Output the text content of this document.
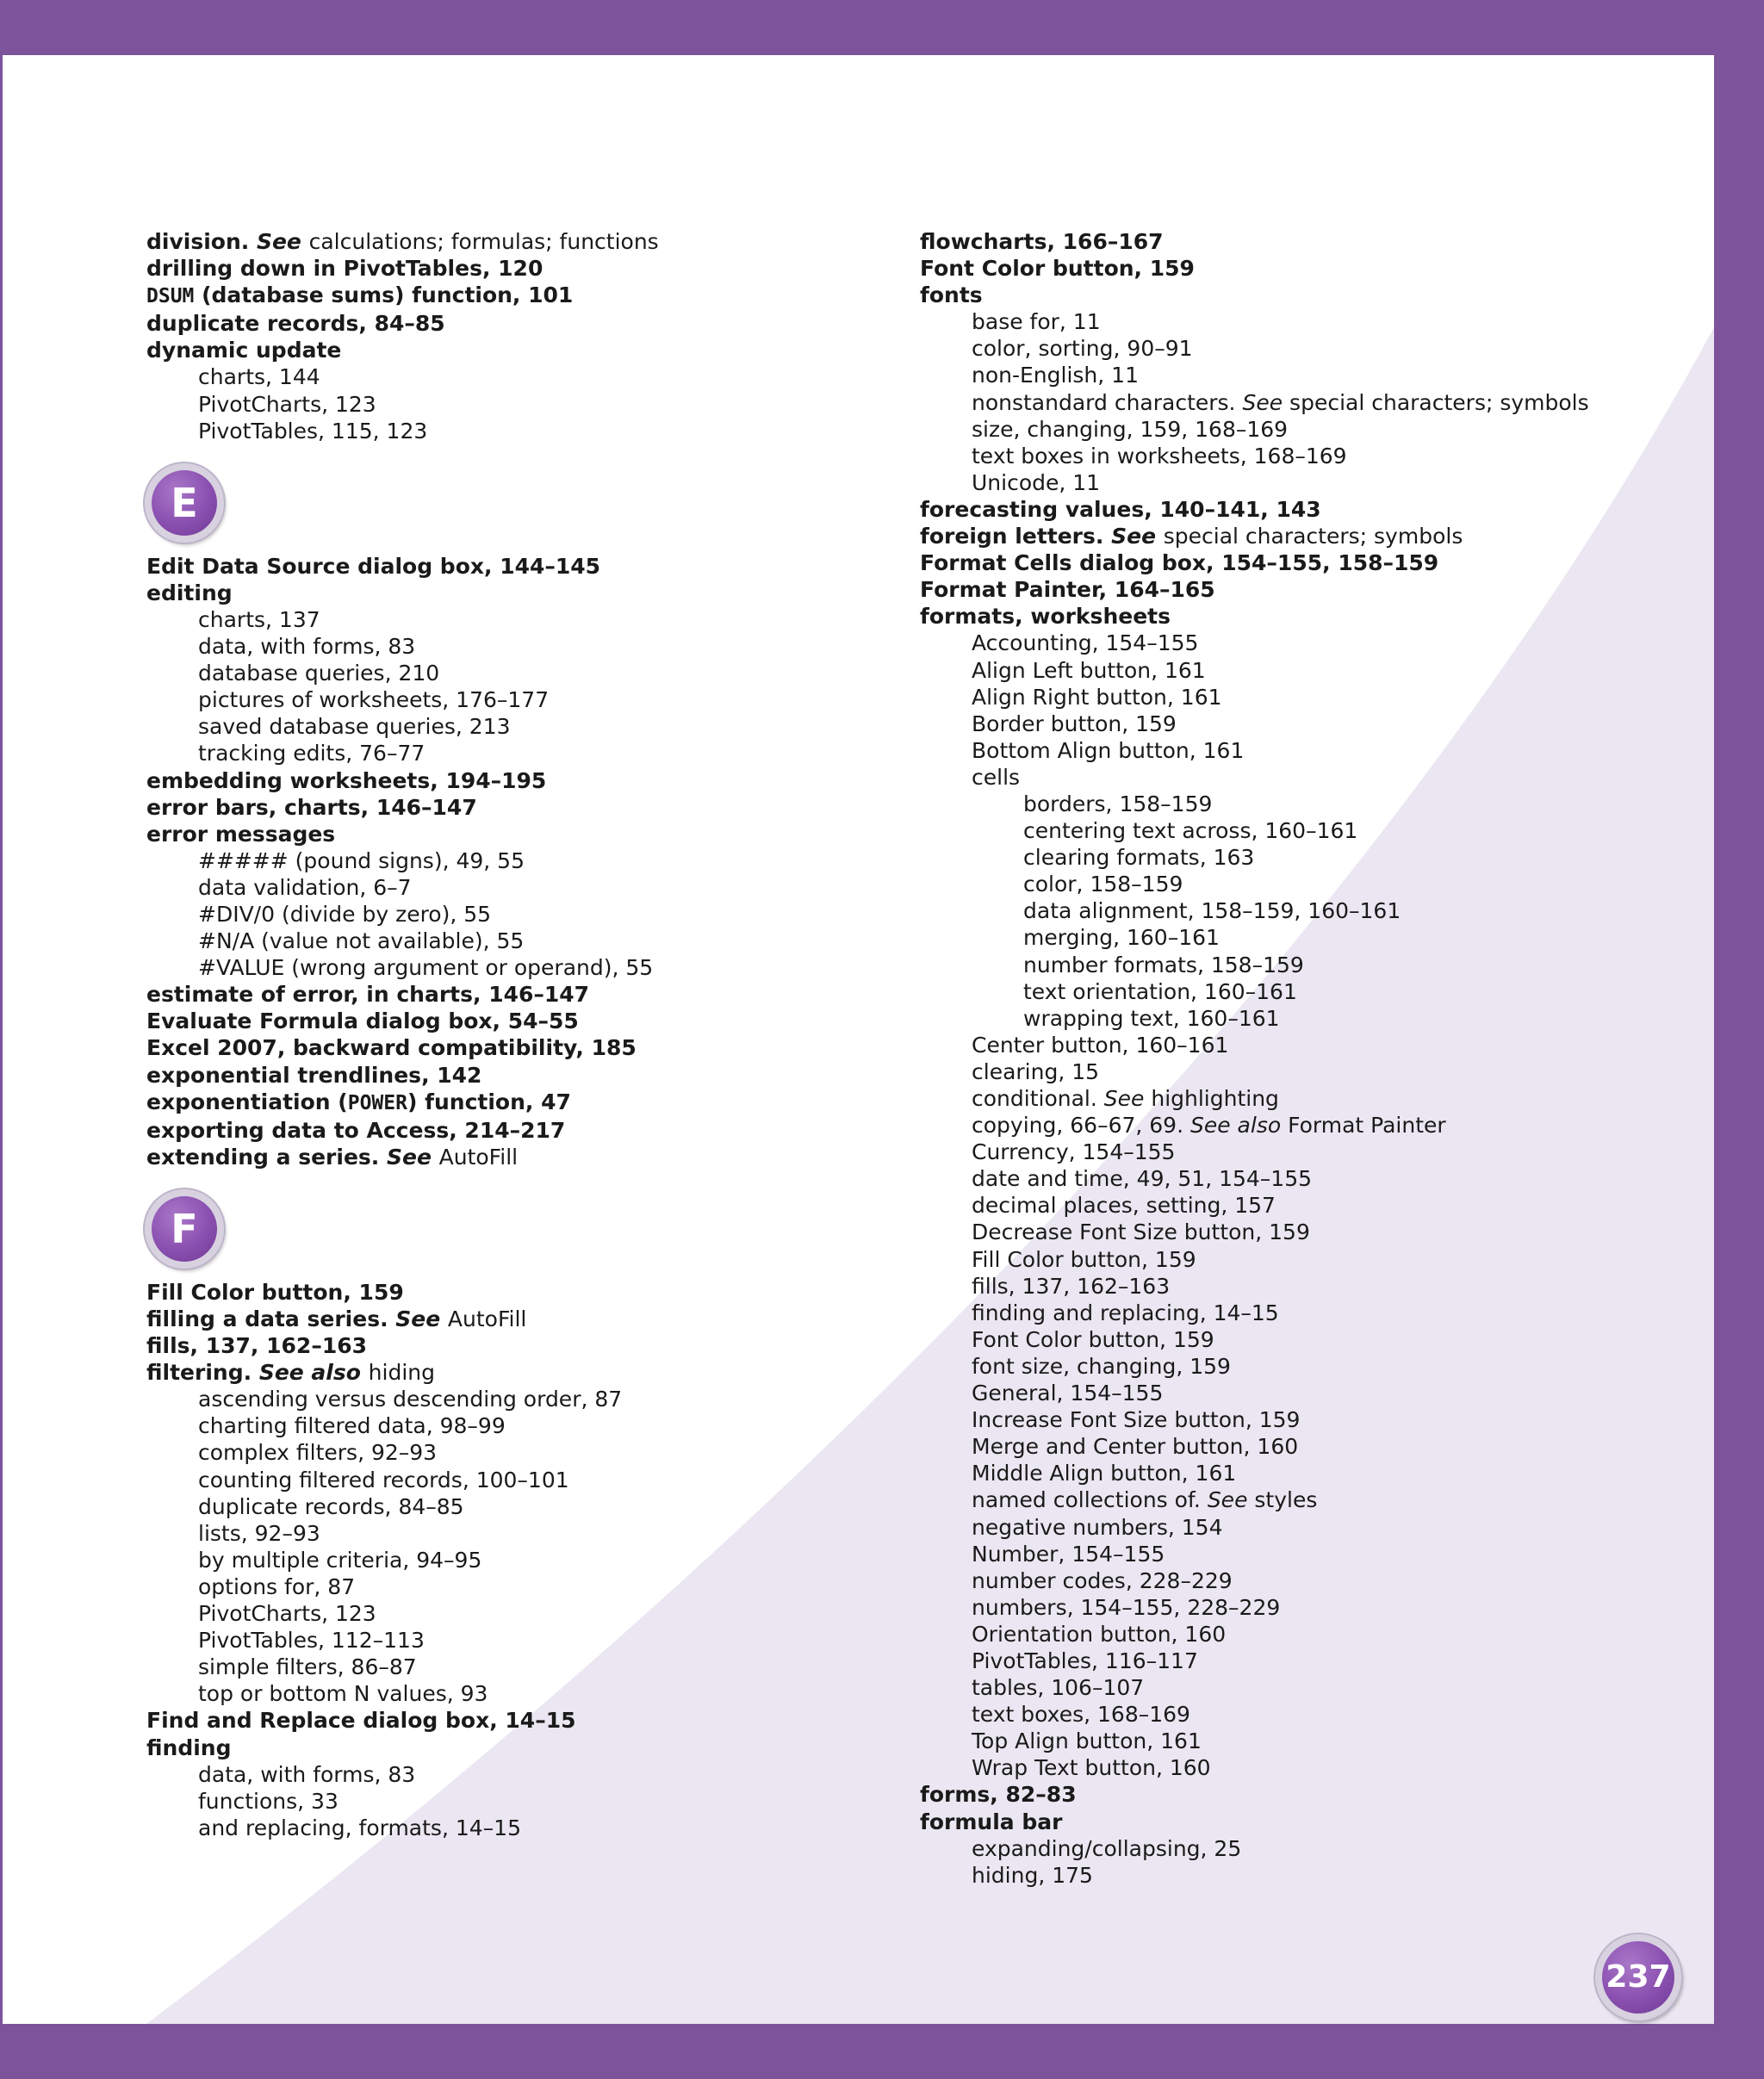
division. See calculations; formulas; functions
drilling down in PivotTables, 120
DSUM (database sums) function, 101
duplicate records, 84–85
dynamic update
charts, 144
PivotCharts, 123
PivotTables, 115, 123
E
Edit Data Source dialog box, 144–145
editing
charts, 137
data, with forms, 83
database queries, 210
pictures of worksheets, 176–177
saved database queries, 213
tracking edits, 76–77
embedding worksheets, 194–195
error bars, charts, 146–147
error messages
##### (pound signs), 49, 55
data validation, 6–7
#DIV/0 (divide by zero), 55
#N/A (value not available), 55
#VALUE (wrong argument or operand), 55
estimate of error, in charts, 146–147
Evaluate Formula dialog box, 54–55
Excel 2007, backward compatibility, 185
exponential trendlines, 142
exponentiation (POWER) function, 47
exporting data to Access, 214–217
extending a series. See AutoFill
F
Fill Color button, 159
filling a data series. See AutoFill
fills, 137, 162–163
filtering. See also hiding
ascending versus descending order, 87
charting filtered data, 98–99
complex filters, 92–93
counting filtered records, 100–101
duplicate records, 84–85
lists, 92–93
by multiple criteria, 94–95
options for, 87
PivotCharts, 123
PivotTables, 112–113
simple filters, 86–87
top or bottom N values, 93
Find and Replace dialog box, 14–15
finding
data, with forms, 83
functions, 33
and replacing, formats, 14–15
flowcharts, 166–167
Font Color button, 159
fonts
base for, 11
color, sorting, 90–91
non-English, 11
nonstandard characters. See special characters; symbols
size, changing, 159, 168–169
text boxes in worksheets, 168–169
Unicode, 11
forecasting values, 140–141, 143
foreign letters. See special characters; symbols
Format Cells dialog box, 154–155, 158–159
Format Painter, 164–165
formats, worksheets
Accounting, 154–155
Align Left button, 161
Align Right button, 161
Border button, 159
Bottom Align button, 161
cells
borders, 158–159
centering text across, 160–161
clearing formats, 163
color, 158–159
data alignment, 158–159, 160–161
merging, 160–161
number formats, 158–159
text orientation, 160–161
wrapping text, 160–161
Center button, 160–161
clearing, 15
conditional. See highlighting
copying, 66–67, 69. See also Format Painter
Currency, 154–155
date and time, 49, 51, 154–155
decimal places, setting, 157
Decrease Font Size button, 159
Fill Color button, 159
fills, 137, 162–163
finding and replacing, 14–15
Font Color button, 159
font size, changing, 159
General, 154–155
Increase Font Size button, 159
Merge and Center button, 160
Middle Align button, 161
named collections of. See styles
negative numbers, 154
Number, 154–155
number codes, 228–229
numbers, 154–155, 228–229
Orientation button, 160
PivotTables, 116–117
tables, 106–107
text boxes, 168–169
Top Align button, 161
Wrap Text button, 160
forms, 82–83
formula bar
expanding/collapsing, 25
hiding, 175
237
